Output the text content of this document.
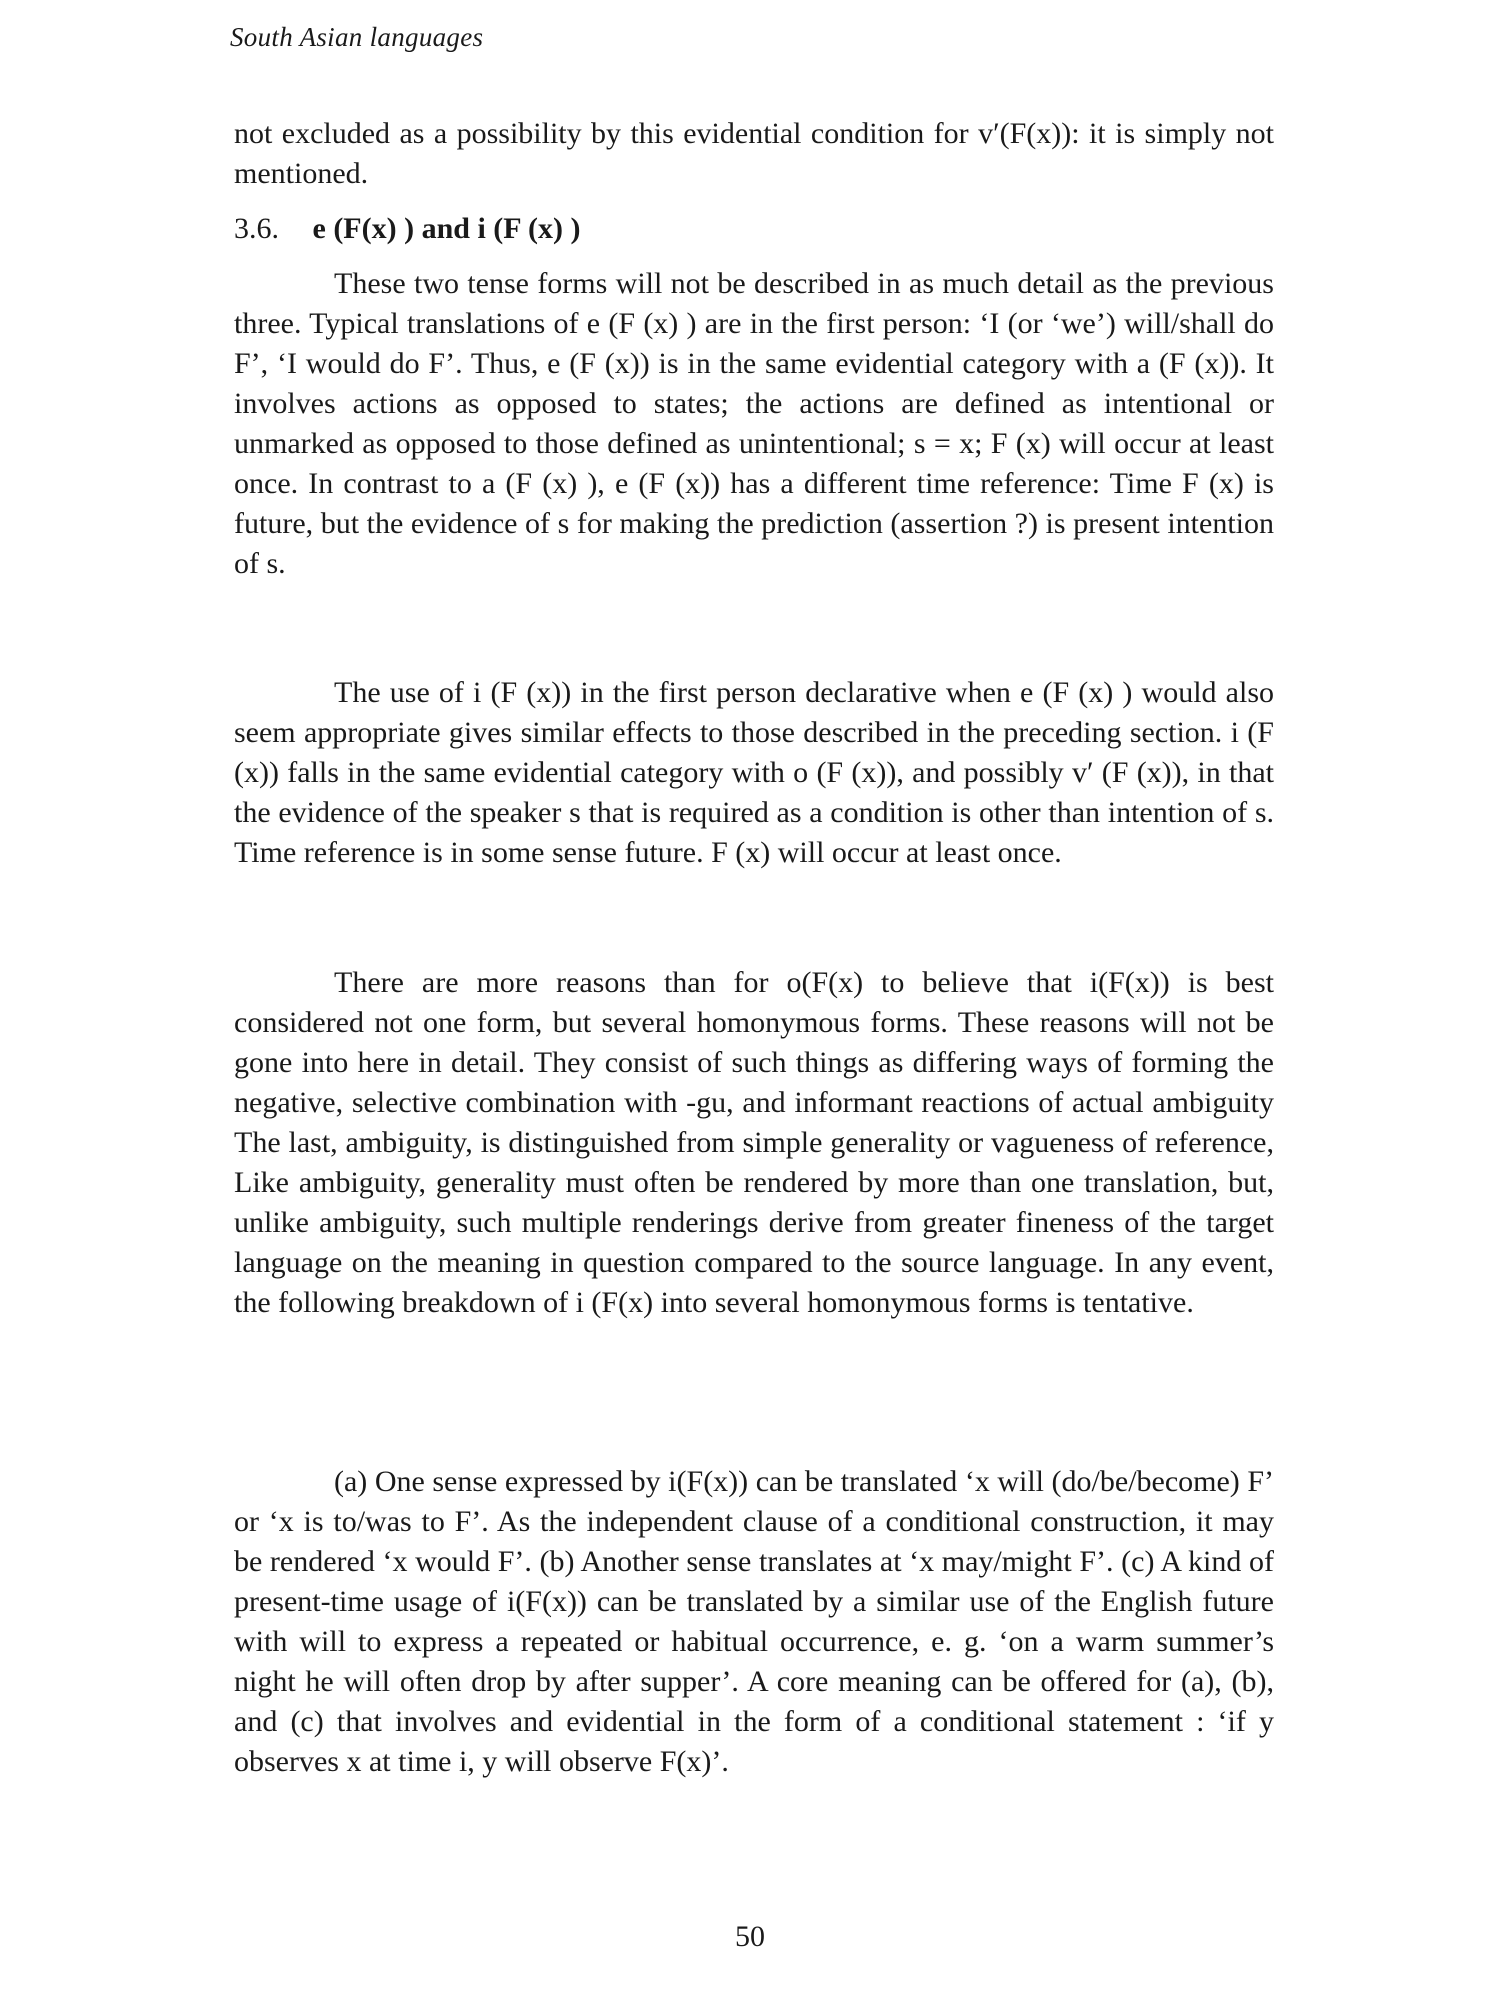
South Asian languages

not excluded as a possibility by this evidential condition for v′(F(x)): it is simply not mentioned.

3.6. e (F(x) ) and i (F (x) )

These two tense forms will not be described in as much detail as the previous three. Typical translations of e (F (x) ) are in the first person: ‘I (or ‘we’) will/shall do F’, ‘I would do F’. Thus, e (F (x)) is in the same evidential category with a (F (x)). It involves actions as opposed to states; the actions are defined as intentional or unmarked as opposed to those defined as unintentional; s = x; F (x) will occur at least once. In contrast to a (F (x) ), e (F (x)) has a different time reference: Time F (x) is future, but the evidence of s for making the prediction (assertion ?) is present intention of s.

The use of i (F (x)) in the first person declarative when e (F (x) ) would also seem appropriate gives similar effects to those described in the preceding section. i (F (x)) falls in the same evidential category with o (F (x)), and possibly v′ (F (x)), in that the evidence of the speaker s that is required as a condition is other than intention of s. Time reference is in some sense future. F (x) will occur at least once.

There are more reasons than for o(F(x) to believe that i(F(x)) is best considered not one form, but several homonymous forms. These reasons will not be gone into here in detail. They consist of such things as differing ways of forming the negative, selective combination with -gu, and informant reactions of actual ambiguity The last, ambiguity, is distinguished from simple generality or vagueness of reference, Like ambiguity, generality must often be rendered by more than one translation, but, unlike ambiguity, such multiple renderings derive from greater fineness of the target language on the meaning in question compared to the source language. In any event, the following breakdown of i (F(x) into several homonymous forms is tentative.

(a) One sense expressed by i(F(x)) can be translated ‘x will (do/be/become) F’ or ‘x is to/was to F’. As the independent clause of a conditional construction, it may be rendered ‘x would F’. (b) Another sense translates at ‘x may/might F’. (c) A kind of present-time usage of i(F(x)) can be translated by a similar use of the English future with will to express a repeated or habitual occurrence, e. g. ‘on a warm summer’s night he will often drop by after supper’. A core meaning can be offered for (a), (b), and (c) that involves and evidential in the form of a conditional statement : ‘if y observes x at time i, y will observe F(x)’.

50
